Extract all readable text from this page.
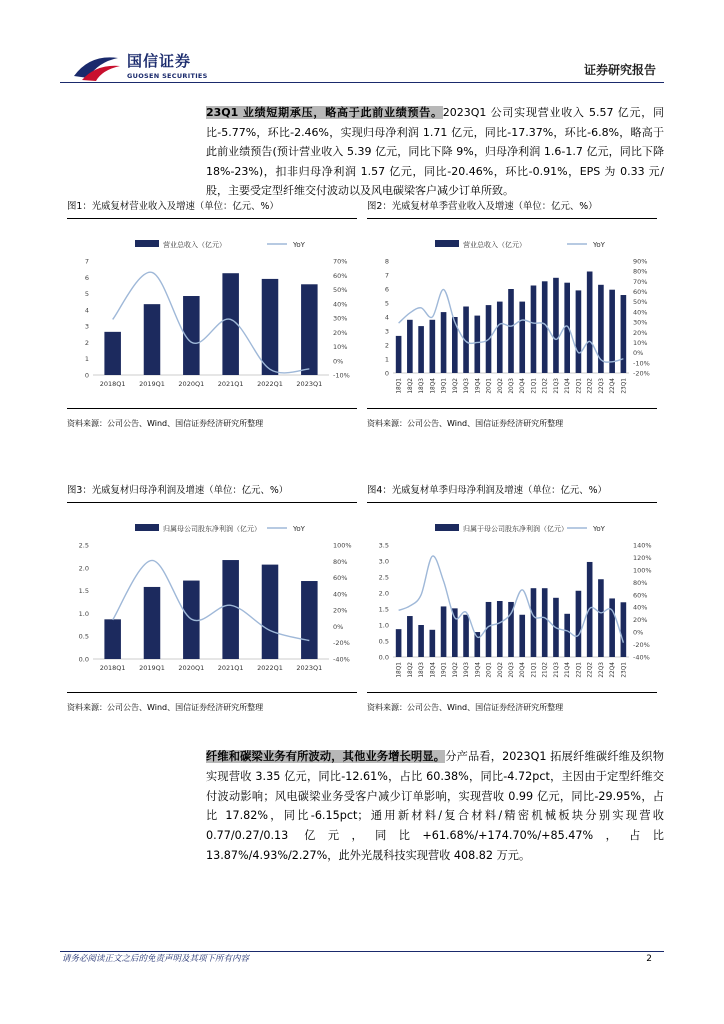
国信证券
GUOSEN SECURITIES	证券研究报告
23Q1 业绩短期承压，略高于此前业绩预告。2023Q1 公司实现营业收入 5.57 亿元，同比-5.77%，环比-2.46%，实现归母净利润 1.71 亿元，同比-17.37%，环比-6.8%，略高于此前业绩预告(预计营业收入 5.39 亿元，同比下降 9%，归母净利润 1.6-1.7 亿元，同比下降 18%-23%)，扣非归母净利润 1.57 亿元，同比-20.46%，环比-0.91%，EPS 为 0.33 元/股，主要受定型纤维交付波动以及风电碳梁客户减少订单所致。
图1：光威复材营业收入及增速（单位：亿元、%）
营业总收入（亿元）	YoY
0
1
2
3
4
5
6
7
-10%
0%
10%
20%
30%
40%
50%
60%
70%
2018Q1 2019Q1 2020Q1 2021Q1 2022Q1 2023Q1
资料来源：公司公告、Wind、国信证券经济研究所整理
图2：光威复材单季营业收入及增速（单位：亿元、%）
营业总收入（亿元）	YoY
0
1
2
3
4
5
6
7
8
-20%
-10%
0%
10%
20%
30%
40%
50%
60%
70%
80%
90%
18Q1 18Q2 18Q3 18Q4 19Q1 19Q2 19Q3 19Q4 20Q1 20Q2 20Q3 20Q4 21Q1 21Q2 21Q3 21Q4 22Q1 22Q2 22Q3 22Q4 23Q1
资料来源：公司公告、Wind、国信证券经济研究所整理
图3：光威复材归母净利润及增速（单位：亿元、%）
归属母公司股东净利润（亿元）	YoY
0.0
0.5
1.0
1.5
2.0
2.5
-40%
-20%
0%
20%
40%
60%
80%
100%
2018Q1 2019Q1 2020Q1 2021Q1 2022Q1 2023Q1
资料来源：公司公告、Wind、国信证券经济研究所整理
图4：光威复材单季归母净利润及增速（单位：亿元、%）
归属于母公司股东净利润（亿元）	YoY
0.0
0.5
1.0
1.5
2.0
2.5
3.0
3.5
-40%
-20%
0%
20%
40%
60%
80%
100%
120%
140%
18Q1 18Q2 18Q3 18Q4 19Q1 19Q2 19Q3 19Q4 20Q1 20Q2 20Q3 20Q4 21Q1 21Q2 21Q3 21Q4 22Q1 22Q2 22Q3 22Q4 23Q1
资料来源：公司公告、Wind、国信证券经济研究所整理
纤维和碳梁业务有所波动，其他业务增长明显。分产品看，2023Q1 拓展纤维碳纤维及织物实现营收 3.35 亿元，同比-12.61%，占比 60.38%，同比-4.72pct，主因由于定型纤维交付波动影响；风电碳梁业务受客户减少订单影响，实现营收 0.99 亿元，同比-29.95%，占比 17.82%，同比-6.15pct；通用新材料/复合材料/精密机械板块分别实现营收 0.77/0.27/0.13 亿元，同比+61.68%/+174.70%/+85.47%，占比 13.87%/4.93%/2.27%，此外光晟科技实现营收 408.82 万元。
请务必阅读正文之后的免责声明及其项下所有内容	2
